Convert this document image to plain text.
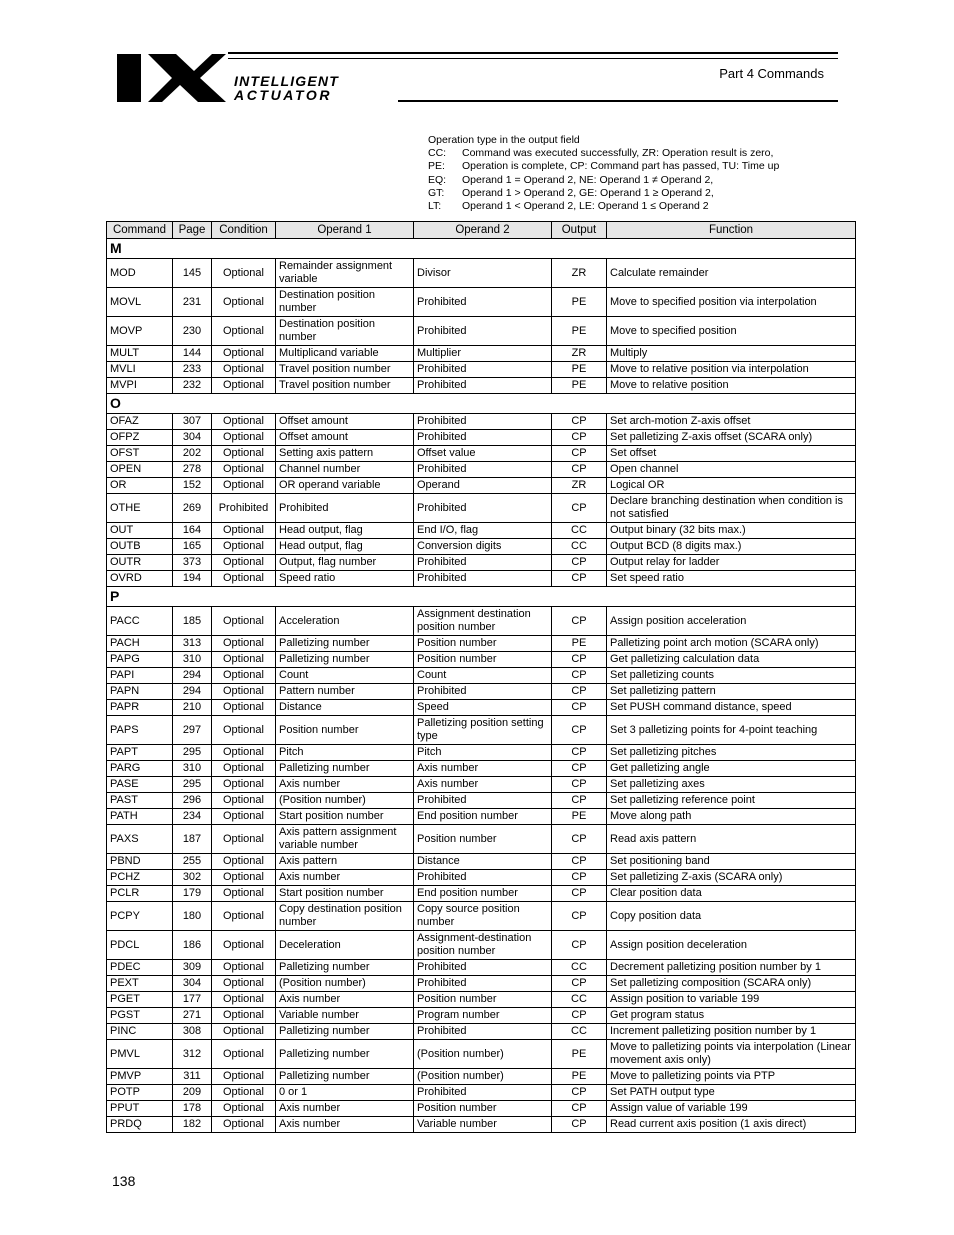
INTELLIGENT
ACTUATOR
Part 4 Commands
Operation type in the output field
CC:	Command was executed successfully, ZR: Operation result is zero,
PE:	Operation is complete, CP: Command part has passed, TU: Time up
EQ:	Operand 1 = Operand 2, NE: Operand 1 ≠ Operand 2,
GT:	Operand 1 > Operand 2, GE: Operand 1 ≥ Operand 2,
LT:	Operand 1 < Operand 2, LE: Operand 1 ≤ Operand 2
Command	Page	Condition	Operand 1	Operand 2	Output	Function
M						
MOD	145	Optional	Remainder assignment variable	Divisor	ZR	Calculate remainder
MOVL	231	Optional	Destination position number	Prohibited	PE	Move to specified position via interpolation
MOVP	230	Optional	Destination position number	Prohibited	PE	Move to specified position
MULT	144	Optional	Multiplicand variable	Multiplier	ZR	Multiply
MVLI	233	Optional	Travel position number	Prohibited	PE	Move to relative position via interpolation
MVPI	232	Optional	Travel position number	Prohibited	PE	Move to relative position
O						
OFAZ	307	Optional	Offset amount	Prohibited	CP	Set arch-motion Z-axis offset
OFPZ	304	Optional	Offset amount	Prohibited	CP	Set palletizing Z-axis offset (SCARA only)
OFST	202	Optional	Setting axis pattern	Offset value	CP	Set offset
OPEN	278	Optional	Channel number	Prohibited	CP	Open channel
OR	152	Optional	OR operand variable	Operand	ZR	Logical OR
OTHE	269	Prohibited	Prohibited	Prohibited	CP	Declare branching destination when condition is not satisfied
OUT	164	Optional	Head output, flag	End I/O, flag	CC	Output binary (32 bits max.)
OUTB	165	Optional	Head output, flag	Conversion digits	CC	Output BCD (8 digits max.)
OUTR	373	Optional	Output, flag number	Prohibited	CP	Output relay for ladder
OVRD	194	Optional	Speed ratio	Prohibited	CP	Set speed ratio
P						
PACC	185	Optional	Acceleration	Assignment destination position number	CP	Assign position acceleration
PACH	313	Optional	Palletizing number	Position number	PE	Palletizing point arch motion (SCARA only)
PAPG	310	Optional	Palletizing number	Position number	CP	Get palletizing calculation data
PAPI	294	Optional	Count	Count	CP	Set palletizing counts
PAPN	294	Optional	Pattern number	Prohibited	CP	Set palletizing pattern
PAPR	210	Optional	Distance	Speed	CP	Set PUSH command distance, speed
PAPS	297	Optional	Position number	Palletizing position setting type	CP	Set 3 palletizing points for 4-point teaching
PAPT	295	Optional	Pitch	Pitch	CP	Set palletizing pitches
PARG	310	Optional	Palletizing number	Axis number	CP	Get palletizing angle
PASE	295	Optional	Axis number	Axis number	CP	Set palletizing axes
PAST	296	Optional	(Position number)	Prohibited	CP	Set palletizing reference point
PATH	234	Optional	Start position number	End position number	PE	Move along path
PAXS	187	Optional	Axis pattern assignment variable number	Position number	CP	Read axis pattern
PBND	255	Optional	Axis pattern	Distance	CP	Set positioning band
PCHZ	302	Optional	Axis number	Prohibited	CP	Set palletizing Z-axis (SCARA only)
PCLR	179	Optional	Start position number	End position number	CP	Clear position data
PCPY	180	Optional	Copy destination position number	Copy source position number	CP	Copy position data
PDCL	186	Optional	Deceleration	Assignment-destination position number	CP	Assign position deceleration
PDEC	309	Optional	Palletizing number	Prohibited	CC	Decrement palletizing position number by 1
PEXT	304	Optional	(Position number)	Prohibited	CP	Set palletizing composition (SCARA only)
PGET	177	Optional	Axis number	Position number	CC	Assign position to variable 199
PGST	271	Optional	Variable number	Program number	CP	Get program status
PINC	308	Optional	Palletizing number	Prohibited	CC	Increment palletizing position number by 1
PMVL	312	Optional	Palletizing number	(Position number)	PE	Move to palletizing points via interpolation (Linear movement axis only)
PMVP	311	Optional	Palletizing number	(Position number)	PE	Move to palletizing points via PTP
POTP	209	Optional	0 or 1	Prohibited	CP	Set PATH output type
PPUT	178	Optional	Axis number	Position number	CP	Assign value of variable 199
PRDQ	182	Optional	Axis number	Variable number	CP	Read current axis position (1 axis direct)
138
